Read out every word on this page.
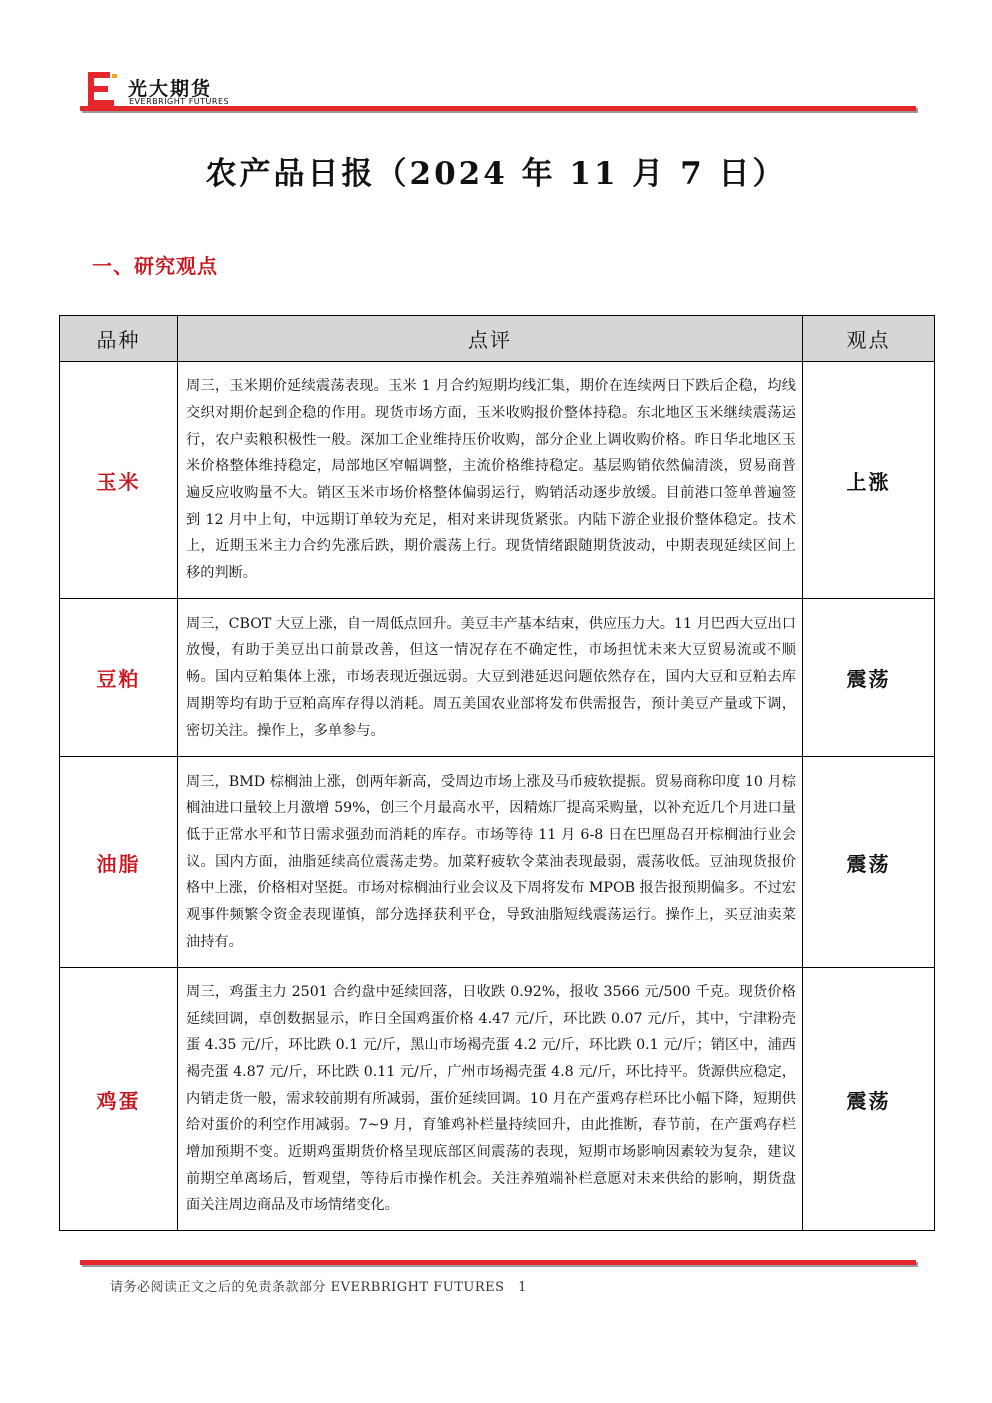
光大期货
EVERBRIGHT FUTURES
农产品日报（2024 年 11 月 7 日）
一、研究观点
品种	点评	观点
玉米	周三，玉米期价延续震荡表现。玉米 1 月合约短期均线汇集，期价在连续两日下跌后企稳，均线交织对期价起到企稳的作用。现货市场方面，玉米收购报价整体持稳。东北地区玉米继续震荡运行，农户卖粮积极性一般。深加工企业维持压价收购，部分企业上调收购价格。昨日华北地区玉米价格整体维持稳定，局部地区窄幅调整，主流价格维持稳定。基层购销依然偏清淡，贸易商普遍反应收购量不大。销区玉米市场价格整体偏弱运行，购销活动逐步放缓。目前港口签单普遍签到 12 月中上旬，中远期订单较为充足，相对来讲现货紧张。内陆下游企业报价整体稳定。技术上，近期玉米主力合约先涨后跌，期价震荡上行。现货情绪跟随期货波动，中期表现延续区间上移的判断。	上涨
豆粕	周三，CBOT 大豆上涨，自一周低点回升。美豆丰产基本结束，供应压力大。11 月巴西大豆出口放慢，有助于美豆出口前景改善，但这一情况存在不确定性，市场担忧未来大豆贸易流或不顺畅。国内豆粕集体上涨，市场表现近强远弱。大豆到港延迟问题依然存在，国内大豆和豆粕去库周期等均有助于豆粕高库存得以消耗。周五美国农业部将发布供需报告，预计美豆产量或下调，密切关注。操作上，多单参与。	震荡
油脂	周三，BMD 棕榈油上涨，创两年新高，受周边市场上涨及马币疲软提振。贸易商称印度 10 月棕榈油进口量较上月激增 59%，创三个月最高水平，因精炼厂提高采购量，以补充近几个月进口量低于正常水平和节日需求强劲而消耗的库存。市场等待 11 月 6-8 日在巴厘岛召开棕榈油行业会议。国内方面，油脂延续高位震荡走势。加菜籽疲软令菜油表现最弱，震荡收低。豆油现货报价格中上涨，价格相对坚挺。市场对棕榈油行业会议及下周将发布 MPOB 报告报预期偏多。不过宏观事件频繁令资金表现谨慎，部分选择获利平仓，导致油脂短线震荡运行。操作上，买豆油卖菜油持有。	震荡
鸡蛋	周三，鸡蛋主力 2501 合约盘中延续回落，日收跌 0.92%，报收 3566 元/500 千克。现货价格延续回调，卓创数据显示，昨日全国鸡蛋价格 4.47 元/斤，环比跌 0.07 元/斤，其中，宁津粉壳蛋 4.35 元/斤，环比跌 0.1 元/斤，黑山市场褐壳蛋 4.2 元/斤，环比跌 0.1 元/斤；销区中，浦西褐壳蛋 4.87 元/斤，环比跌 0.11 元/斤，广州市场褐壳蛋 4.8 元/斤，环比持平。货源供应稳定，内销走货一般，需求较前期有所减弱，蛋价延续回调。10 月在产蛋鸡存栏环比小幅下降，短期供给对蛋价的利空作用减弱。7~9 月，育雏鸡补栏量持续回升，由此推断，春节前，在产蛋鸡存栏增加预期不变。近期鸡蛋期货价格呈现底部区间震荡的表现，短期市场影响因素较为复杂，建议前期空单离场后，暂观望，等待后市操作机会。关注养殖端补栏意愿对未来供给的影响，期货盘面关注周边商品及市场情绪变化。	震荡
请务必阅读正文之后的免责条款部分 EVERBRIGHT FUTURES　1
